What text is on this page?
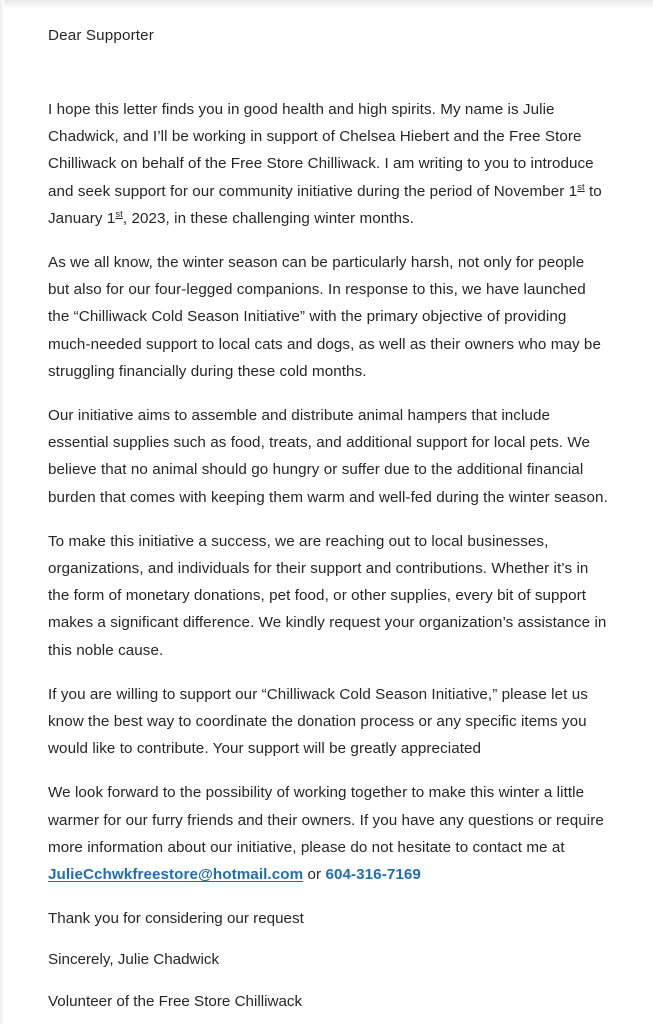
Dear Supporter

I hope this letter finds you in good health and high spirits. My name is Julie Chadwick, and I’ll be working in support of Chelsea Hiebert and the Free Store Chilliwack on behalf of the Free Store Chilliwack. I am writing to you to introduce and seek support for our community initiative during the period of November 1st to January 1st, 2023, in these challenging winter months.

As we all know, the winter season can be particularly harsh, not only for people but also for our four-legged companions. In response to this, we have launched the “Chilliwack Cold Season Initiative” with the primary objective of providing much-needed support to local cats and dogs, as well as their owners who may be struggling financially during these cold months.

Our initiative aims to assemble and distribute animal hampers that include essential supplies such as food, treats, and additional support for local pets. We believe that no animal should go hungry or suffer due to the additional financial burden that comes with keeping them warm and well-fed during the winter season.

To make this initiative a success, we are reaching out to local businesses, organizations, and individuals for their support and contributions. Whether it’s in the form of monetary donations, pet food, or other supplies, every bit of support makes a significant difference. We kindly request your organization’s assistance in this noble cause.

If you are willing to support our “Chilliwack Cold Season Initiative,” please let us know the best way to coordinate the donation process or any specific items you would like to contribute. Your support will be greatly appreciated

We look forward to the possibility of working together to make this winter a little warmer for our furry friends and their owners. If you have any questions or require more information about our initiative, please do not hesitate to contact me at JulieCchwkfreestore@hotmail.com or 604-316-7169

Thank you for considering our request

Sincerely, Julie Chadwick

Volunteer of the Free Store Chilliwack
